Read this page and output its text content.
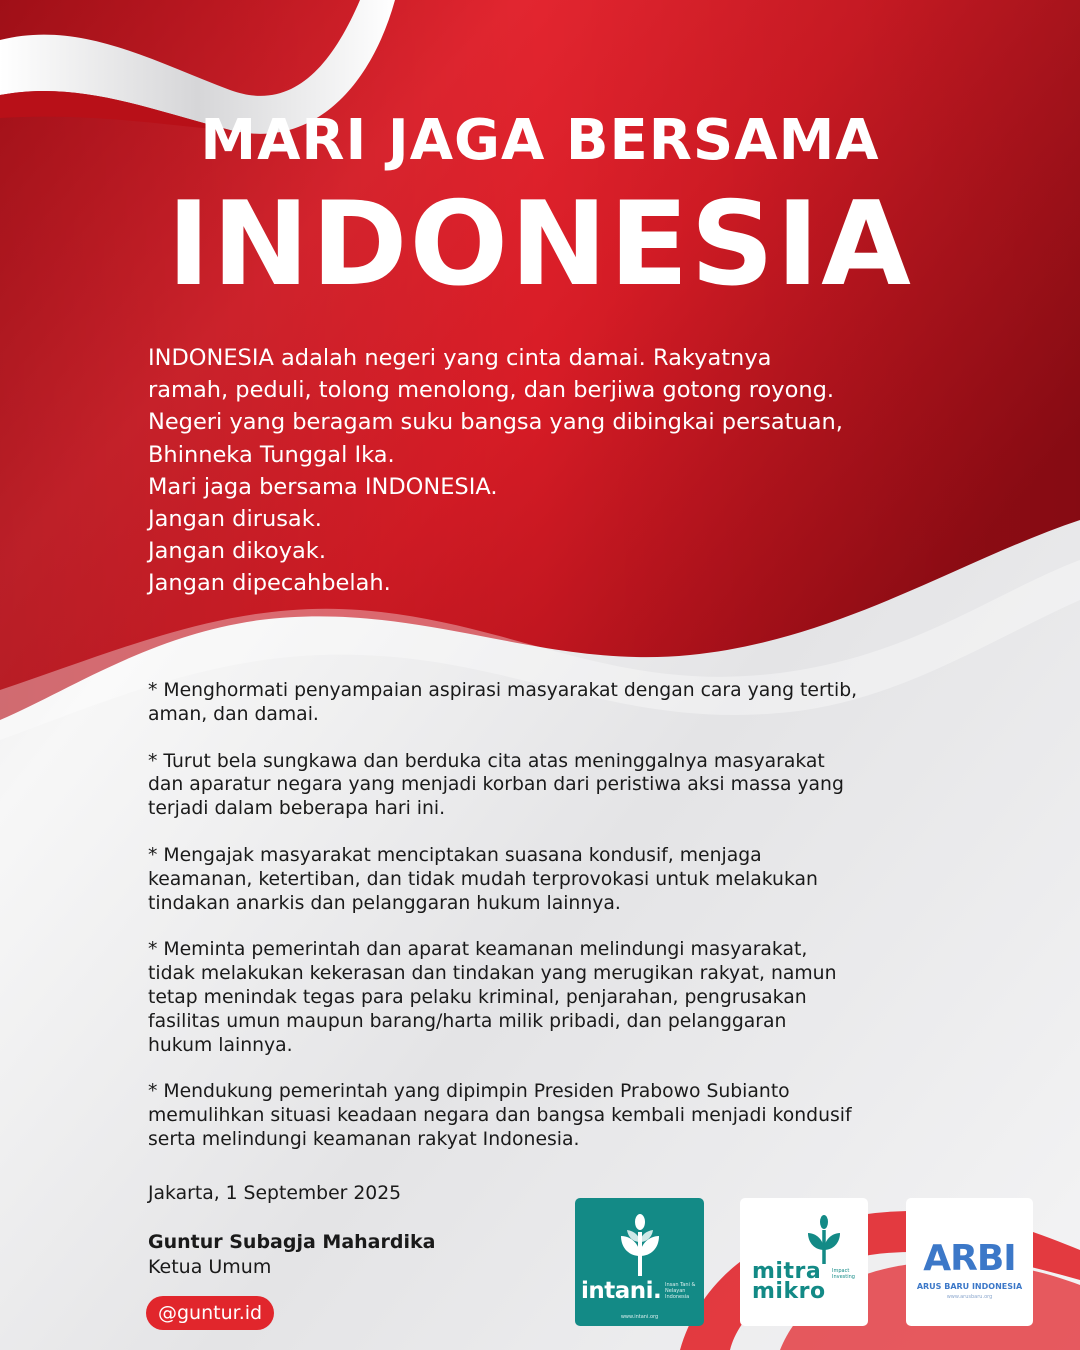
MARI JAGA BERSAMA
INDONESIA
INDONESIA adalah negeri yang cinta damai. Rakyatnya
ramah, peduli, tolong menolong, dan berjiwa gotong royong.
Negeri yang beragam suku bangsa yang dibingkai persatuan,
Bhinneka Tunggal Ika.
Mari jaga bersama INDONESIA.
Jangan dirusak.
Jangan dikoyak.
Jangan dipecahbelah.
* Menghormati penyampaian aspirasi masyarakat dengan cara yang tertib,
aman, dan damai.
* Turut bela sungkawa dan berduka cita atas meninggalnya masyarakat
dan aparatur negara yang menjadi korban dari peristiwa aksi massa yang
terjadi dalam beberapa hari ini.
* Mengajak masyarakat menciptakan suasana kondusif, menjaga
keamanan, ketertiban, dan tidak mudah terprovokasi untuk melakukan
tindakan anarkis dan pelanggaran hukum lainnya.
* Meminta pemerintah dan aparat keamanan melindungi masyarakat,
tidak melakukan kekerasan dan tindakan yang merugikan rakyat, namun
tetap menindak tegas para pelaku kriminal, penjarahan, pengrusakan
fasilitas umun maupun barang/harta milik pribadi, dan pelanggaran
hukum lainnya.
* Mendukung pemerintah yang dipimpin Presiden Prabowo Subianto
memulihkan situasi keadaan negara dan bangsa kembali menjadi kondusif
serta melindungi keamanan rakyat Indonesia.
Jakarta, 1 September 2025
Guntur Subagja Mahardika
Ketua Umum
@guntur.id
intani. Insan Tani & Nelayan Indonesia
www.intani.org
mitra
mikro
Impact Investing	ARBI
ARUS BARU INDONESIA
www.arusbaru.org
